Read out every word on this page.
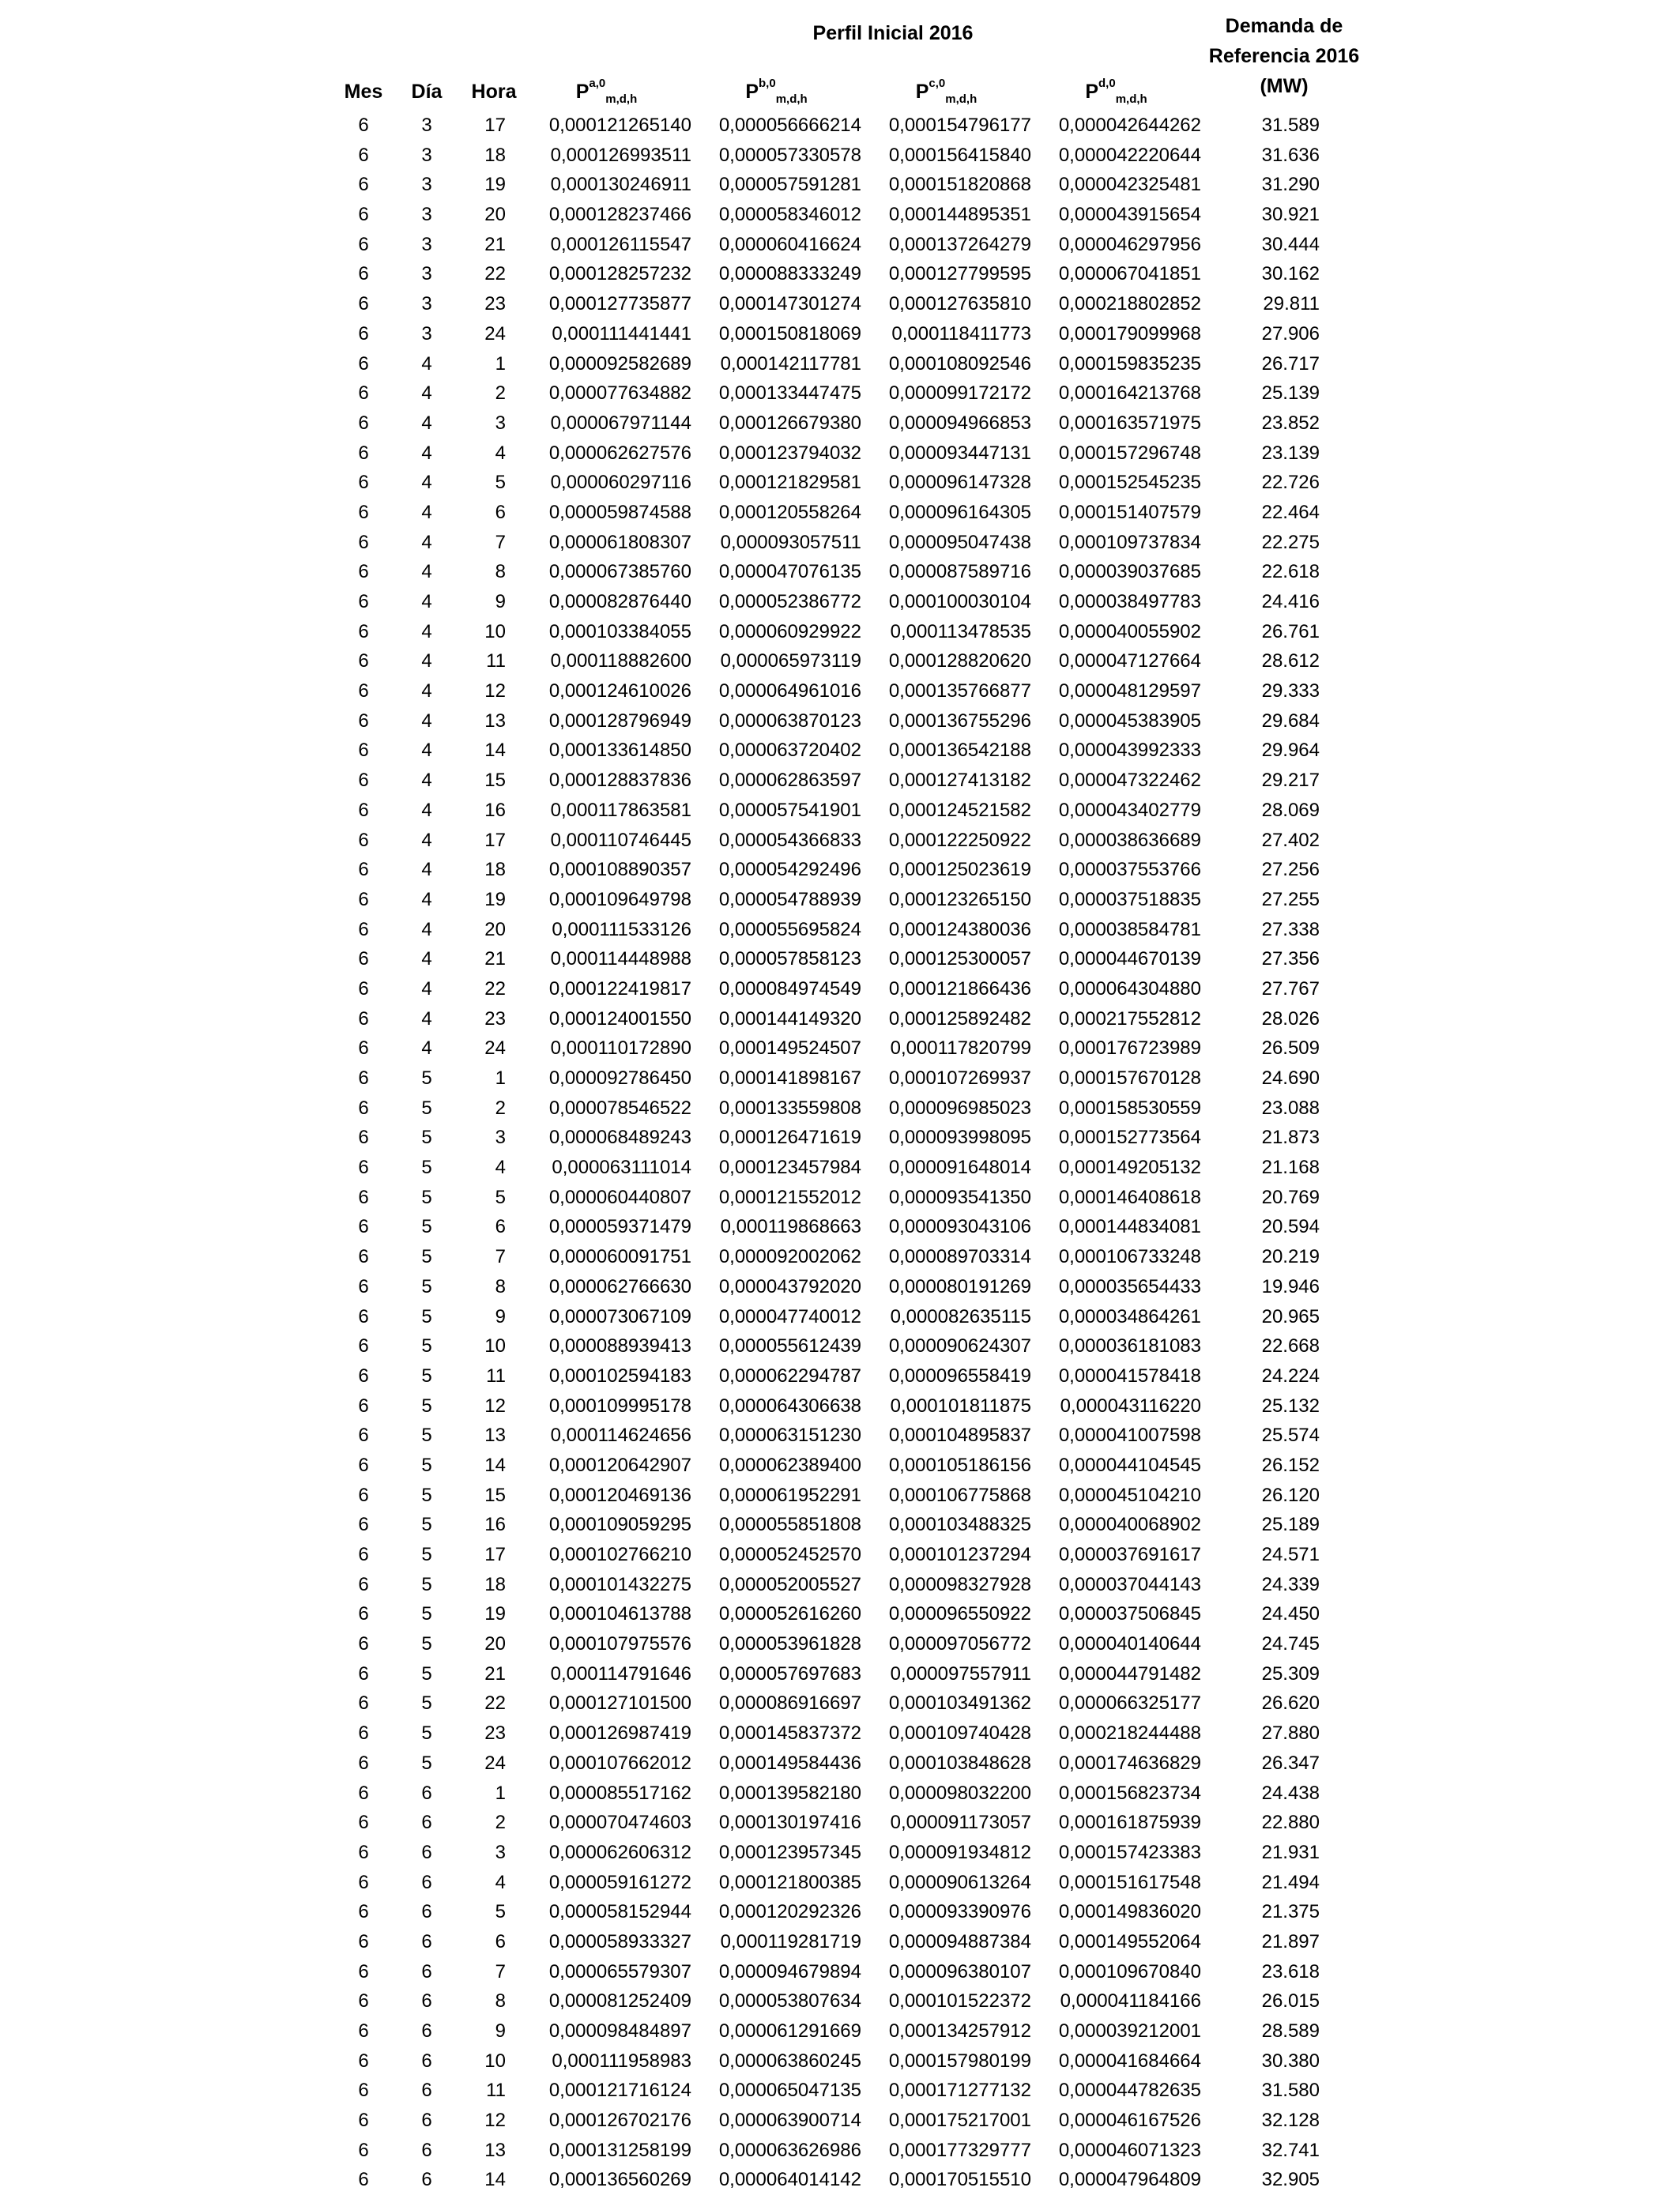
Perfil Inicial 2016	Demanda de
Referencia 2016
(MW)
Mes	Día	Hora	P$^{a,0}_{m,d,h}$	P$^{b,0}_{m,d,h}$	P$^{c,0}_{m,d,h}$	P$^{d,0}_{m,d,h}$
6	3	17	0,000121265140	0,000056666214	0,000154796177	0,000042644262	31.589
6	3	18	0,000126993511	0,000057330578	0,000156415840	0,000042220644	31.636
6	3	19	0,000130246911	0,000057591281	0,000151820868	0,000042325481	31.290
6	3	20	0,000128237466	0,000058346012	0,000144895351	0,000043915654	30.921
6	3	21	0,000126115547	0,000060416624	0,000137264279	0,000046297956	30.444
6	3	22	0,000128257232	0,000088333249	0,000127799595	0,000067041851	30.162
6	3	23	0,000127735877	0,000147301274	0,000127635810	0,000218802852	29.811
6	3	24	0,000111441441	0,000150818069	0,000118411773	0,000179099968	27.906
6	4	1	0,000092582689	0,000142117781	0,000108092546	0,000159835235	26.717
6	4	2	0,000077634882	0,000133447475	0,000099172172	0,000164213768	25.139
6	4	3	0,000067971144	0,000126679380	0,000094966853	0,000163571975	23.852
6	4	4	0,000062627576	0,000123794032	0,000093447131	0,000157296748	23.139
6	4	5	0,000060297116	0,000121829581	0,000096147328	0,000152545235	22.726
6	4	6	0,000059874588	0,000120558264	0,000096164305	0,000151407579	22.464
6	4	7	0,000061808307	0,000093057511	0,000095047438	0,000109737834	22.275
6	4	8	0,000067385760	0,000047076135	0,000087589716	0,000039037685	22.618
6	4	9	0,000082876440	0,000052386772	0,000100030104	0,000038497783	24.416
6	4	10	0,000103384055	0,000060929922	0,000113478535	0,000040055902	26.761
6	4	11	0,000118882600	0,000065973119	0,000128820620	0,000047127664	28.612
6	4	12	0,000124610026	0,000064961016	0,000135766877	0,000048129597	29.333
6	4	13	0,000128796949	0,000063870123	0,000136755296	0,000045383905	29.684
6	4	14	0,000133614850	0,000063720402	0,000136542188	0,000043992333	29.964
6	4	15	0,000128837836	0,000062863597	0,000127413182	0,000047322462	29.217
6	4	16	0,000117863581	0,000057541901	0,000124521582	0,000043402779	28.069
6	4	17	0,000110746445	0,000054366833	0,000122250922	0,000038636689	27.402
6	4	18	0,000108890357	0,000054292496	0,000125023619	0,000037553766	27.256
6	4	19	0,000109649798	0,000054788939	0,000123265150	0,000037518835	27.255
6	4	20	0,000111533126	0,000055695824	0,000124380036	0,000038584781	27.338
6	4	21	0,000114448988	0,000057858123	0,000125300057	0,000044670139	27.356
6	4	22	0,000122419817	0,000084974549	0,000121866436	0,000064304880	27.767
6	4	23	0,000124001550	0,000144149320	0,000125892482	0,000217552812	28.026
6	4	24	0,000110172890	0,000149524507	0,000117820799	0,000176723989	26.509
6	5	1	0,000092786450	0,000141898167	0,000107269937	0,000157670128	24.690
6	5	2	0,000078546522	0,000133559808	0,000096985023	0,000158530559	23.088
6	5	3	0,000068489243	0,000126471619	0,000093998095	0,000152773564	21.873
6	5	4	0,000063111014	0,000123457984	0,000091648014	0,000149205132	21.168
6	5	5	0,000060440807	0,000121552012	0,000093541350	0,000146408618	20.769
6	5	6	0,000059371479	0,000119868663	0,000093043106	0,000144834081	20.594
6	5	7	0,000060091751	0,000092002062	0,000089703314	0,000106733248	20.219
6	5	8	0,000062766630	0,000043792020	0,000080191269	0,000035654433	19.946
6	5	9	0,000073067109	0,000047740012	0,000082635115	0,000034864261	20.965
6	5	10	0,000088939413	0,000055612439	0,000090624307	0,000036181083	22.668
6	5	11	0,000102594183	0,000062294787	0,000096558419	0,000041578418	24.224
6	5	12	0,000109995178	0,000064306638	0,000101811875	0,000043116220	25.132
6	5	13	0,000114624656	0,000063151230	0,000104895837	0,000041007598	25.574
6	5	14	0,000120642907	0,000062389400	0,000105186156	0,000044104545	26.152
6	5	15	0,000120469136	0,000061952291	0,000106775868	0,000045104210	26.120
6	5	16	0,000109059295	0,000055851808	0,000103488325	0,000040068902	25.189
6	5	17	0,000102766210	0,000052452570	0,000101237294	0,000037691617	24.571
6	5	18	0,000101432275	0,000052005527	0,000098327928	0,000037044143	24.339
6	5	19	0,000104613788	0,000052616260	0,000096550922	0,000037506845	24.450
6	5	20	0,000107975576	0,000053961828	0,000097056772	0,000040140644	24.745
6	5	21	0,000114791646	0,000057697683	0,000097557911	0,000044791482	25.309
6	5	22	0,000127101500	0,000086916697	0,000103491362	0,000066325177	26.620
6	5	23	0,000126987419	0,000145837372	0,000109740428	0,000218244488	27.880
6	5	24	0,000107662012	0,000149584436	0,000103848628	0,000174636829	26.347
6	6	1	0,000085517162	0,000139582180	0,000098032200	0,000156823734	24.438
6	6	2	0,000070474603	0,000130197416	0,000091173057	0,000161875939	22.880
6	6	3	0,000062606312	0,000123957345	0,000091934812	0,000157423383	21.931
6	6	4	0,000059161272	0,000121800385	0,000090613264	0,000151617548	21.494
6	6	5	0,000058152944	0,000120292326	0,000093390976	0,000149836020	21.375
6	6	6	0,000058933327	0,000119281719	0,000094887384	0,000149552064	21.897
6	6	7	0,000065579307	0,000094679894	0,000096380107	0,000109670840	23.618
6	6	8	0,000081252409	0,000053807634	0,000101522372	0,000041184166	26.015
6	6	9	0,000098484897	0,000061291669	0,000134257912	0,000039212001	28.589
6	6	10	0,000111958983	0,000063860245	0,000157980199	0,000041684664	30.380
6	6	11	0,000121716124	0,000065047135	0,000171277132	0,000044782635	31.580
6	6	12	0,000126702176	0,000063900714	0,000175217001	0,000046167526	32.128
6	6	13	0,000131258199	0,000063626986	0,000177329777	0,000046071323	32.741
6	6	14	0,000136560269	0,000064014142	0,000170515510	0,000047964809	32.905
